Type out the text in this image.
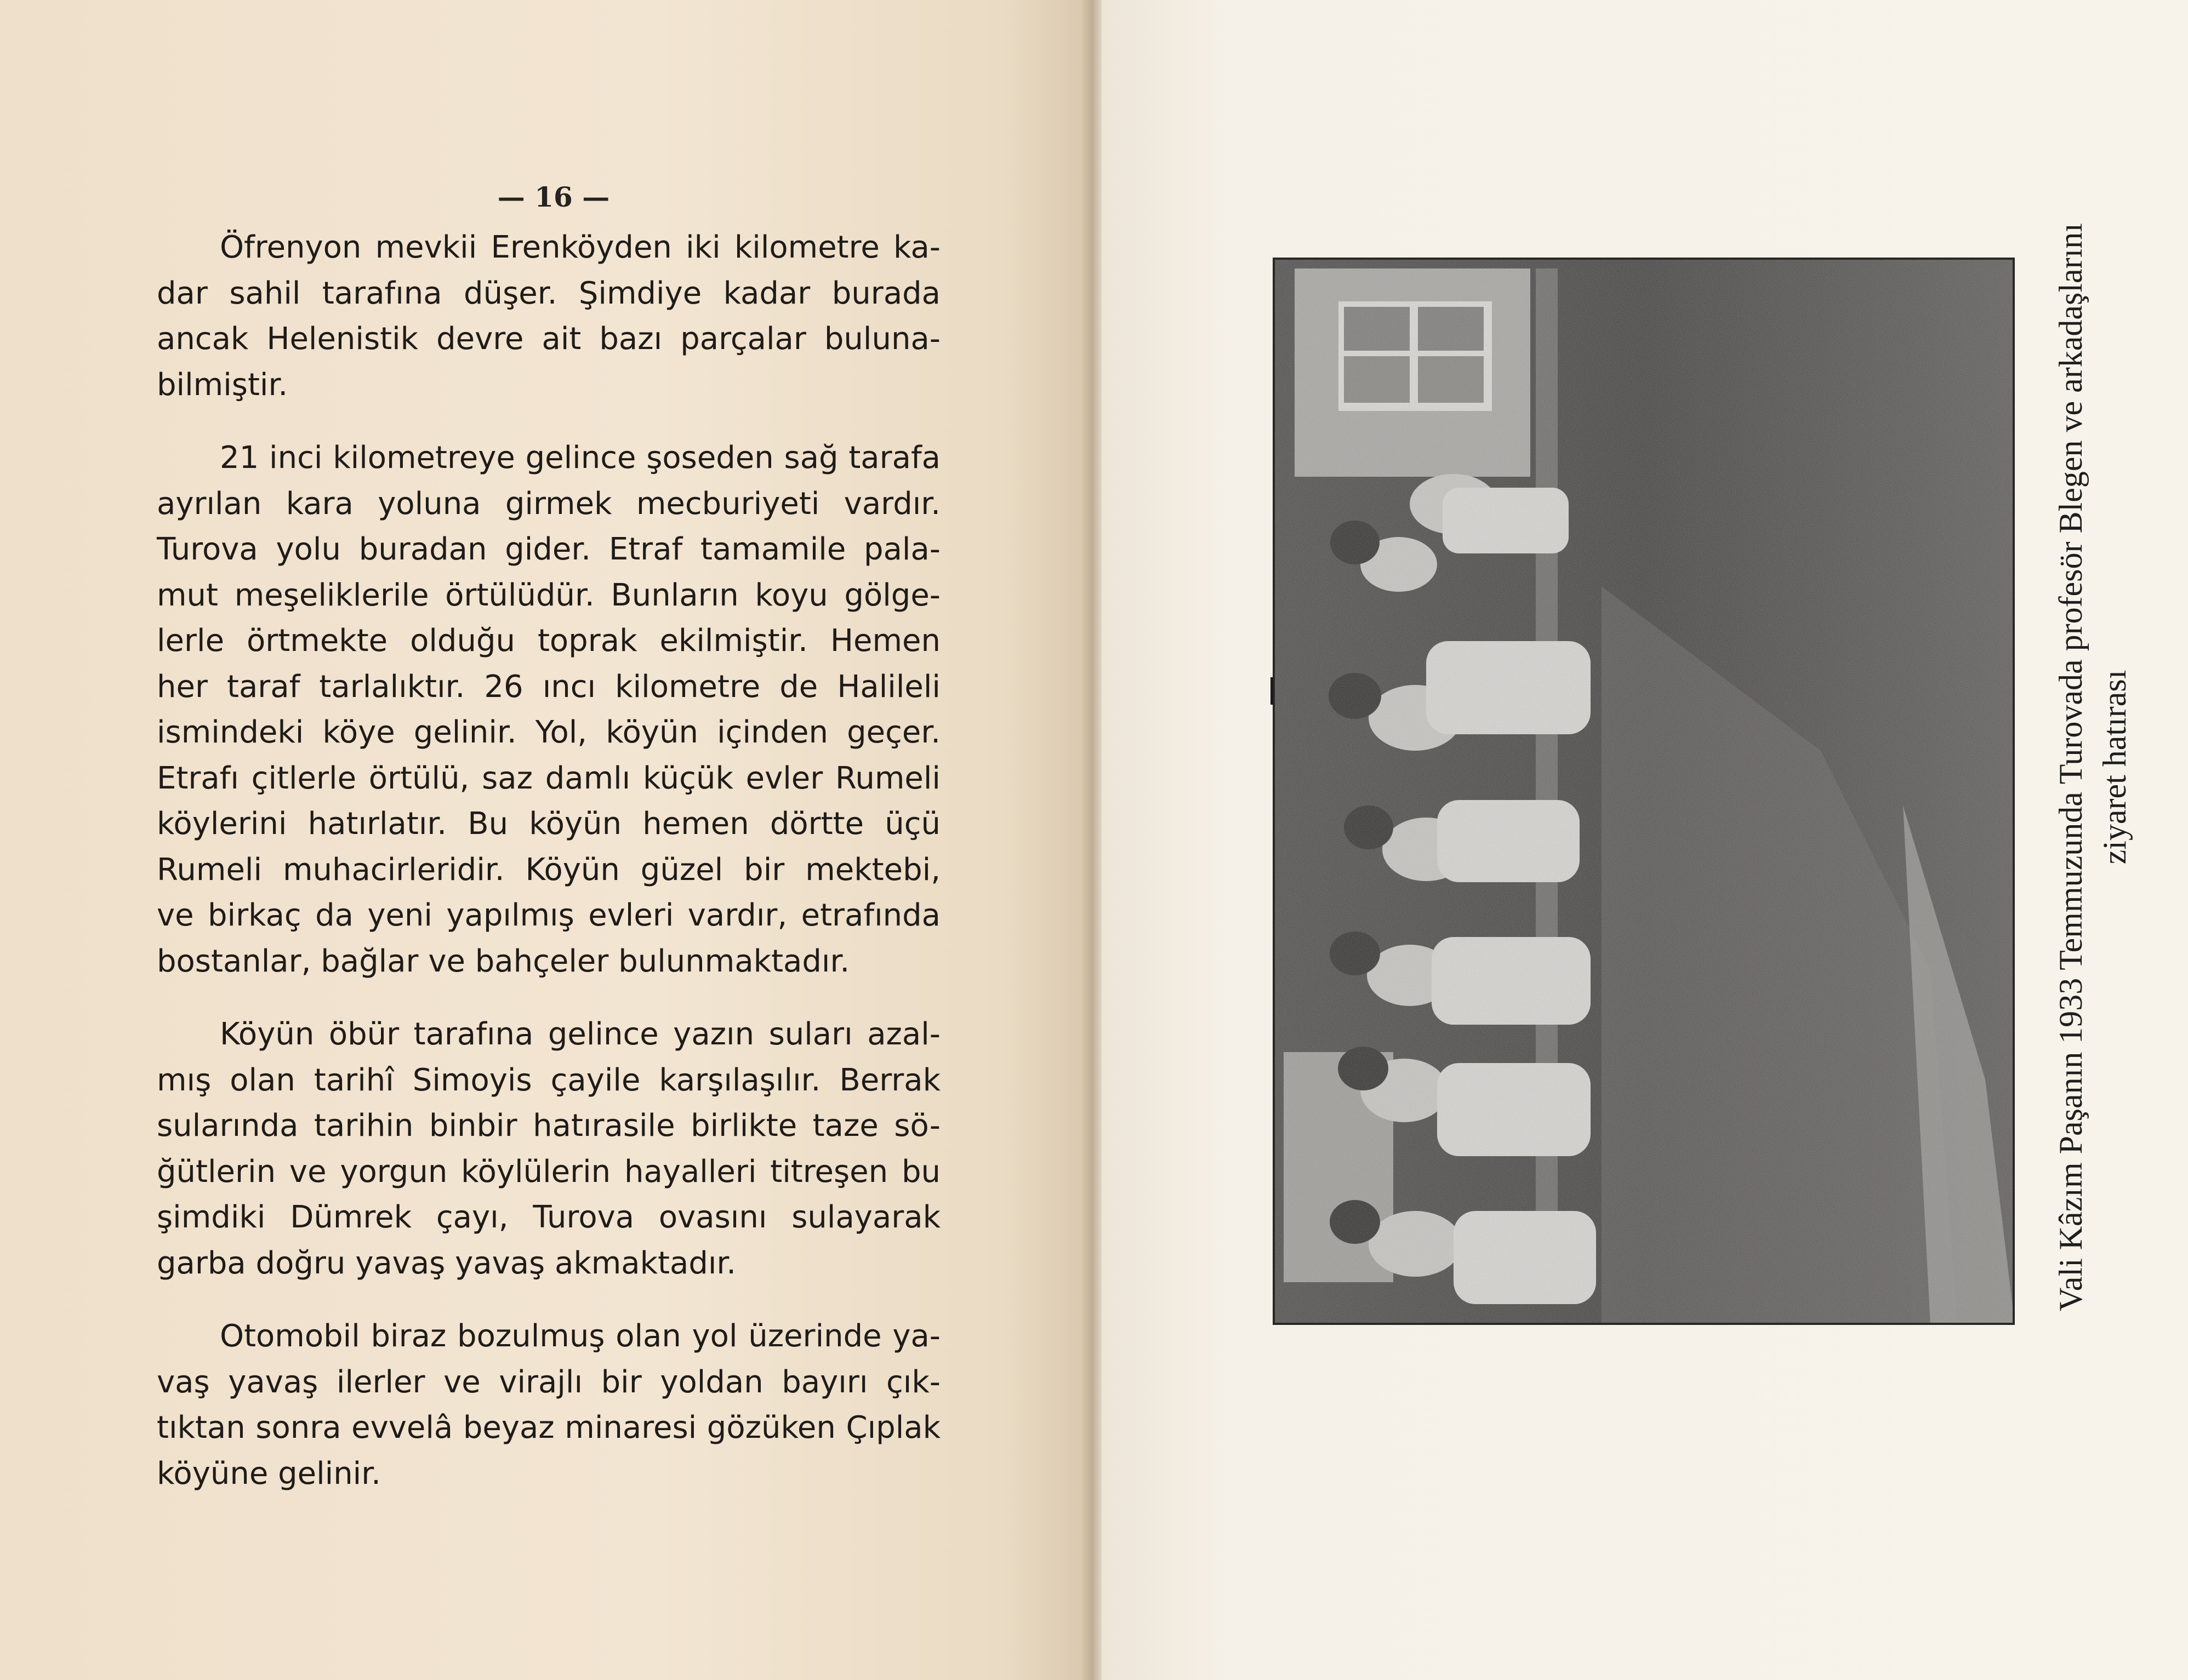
— 16 —
Öfrenyon mevkii Erenköyden iki kilometre ka-
dar sahil tarafına düşer. Şimdiye kadar burada
ancak Helenistik devre ait bazı parçalar buluna-
bilmiştir.
21 inci kilometreye gelince şoseden sağ tarafa
ayrılan kara yoluna girmek mecburiyeti vardır.
Turova yolu buradan gider. Etraf tamamile pala-
mut meşeliklerile örtülüdür. Bunların koyu gölge-
lerle örtmekte olduğu toprak ekilmiştir. Hemen
her taraf tarlalıktır. 26 ıncı kilometre de Halileli
ismindeki köye gelinir. Yol, köyün içinden geçer.
Etrafı çitlerle örtülü, saz damlı küçük evler Rumeli
köylerini hatırlatır. Bu köyün hemen dörtte üçü
Rumeli muhacirleridir. Köyün güzel bir mektebi,
ve birkaç da yeni yapılmış evleri vardır, etrafında
bostanlar, bağlar ve bahçeler bulunmaktadır.
Köyün öbür tarafına gelince yazın suları azal-
mış olan tarihî Simoyis çayile karşılaşılır. Berrak
sularında tarihin binbir hatırasile birlikte taze sö-
ğütlerin ve yorgun köylülerin hayalleri titreşen bu
şimdiki Dümrek çayı, Turova ovasını sulayarak
garba doğru yavaş yavaş akmaktadır.
Otomobil biraz bozulmuş olan yol üzerinde ya-
vaş yavaş ilerler ve virajlı bir yoldan bayırı çık-
tıktan sonra evvelâ beyaz minaresi gözüken Çıplak
köyüne gelinir.
Vali Kâzım Paşanın 1933 Temmuzunda Turovada profesör Blegen ve arkadaşlarını ziyaret hatırası
